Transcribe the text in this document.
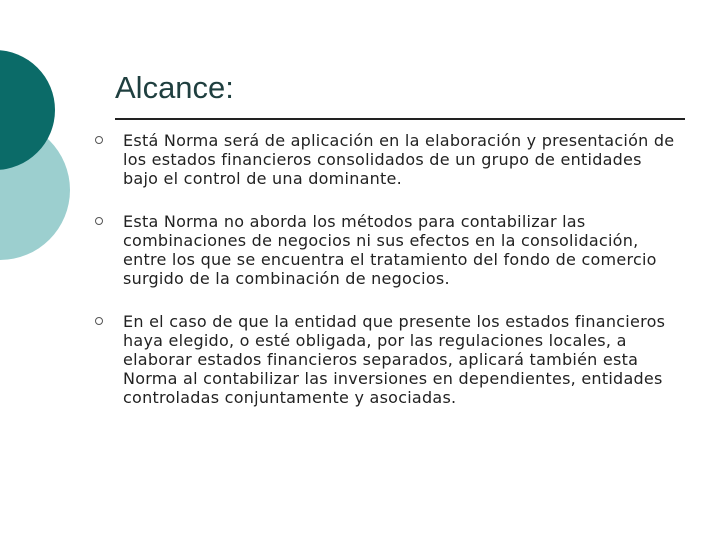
Alcance:
Está Norma será de aplicación en la elaboración y presentación de los estados financieros consolidados de un grupo de entidades bajo el control de una dominante.
Esta Norma no aborda los métodos para contabilizar las combinaciones de negocios ni sus efectos en la consolidación, entre los que se encuentra el tratamiento del fondo de comercio surgido de la combinación de negocios.
En el caso de que la entidad que presente los estados financieros haya elegido, o esté obligada, por las regulaciones locales, a elaborar estados financieros separados, aplicará también esta Norma al contabilizar las inversiones en dependientes, entidades controladas conjuntamente y asociadas.
